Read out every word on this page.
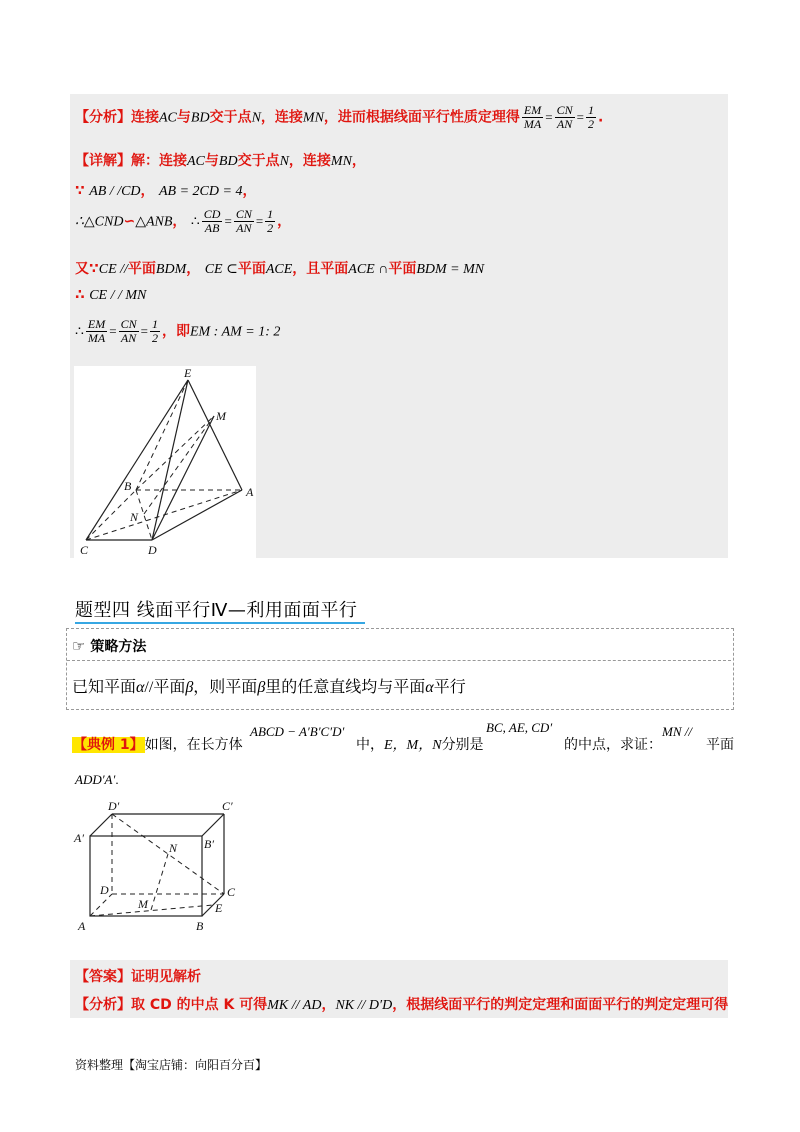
【分析】连接AC与BD交于点N，连接MN，进而根据线面平行性质定理得 $\frac{EM}{MA} = \frac{CN}{AN} = \frac{1}{2}$ .
【详解】解：连接AC与BD交于点N，连接MN，
∵ AB / /CD， AB = 2CD = 4，
∴△CND∽△ANB， ∴ $\frac{CD}{AB} = \frac{CN}{AN} = \frac{1}{2}$ ，
又∵CE //平面BDM， CE ⊂平面ACE，且平面ACE ∩平面BDM = MN
∴ CE / / MN
∴ $\frac{EM}{MA} = \frac{CN}{AN} = \frac{1}{2}$ ，即EM : AM = 1: 2
E
M
B	A
N
C	D
题型四 线面平行Ⅳ—利用面面平行
☞ 策略方法
已知平面α//平面β，则平面β里的任意直线均与平面α平行
【典例 1】如图，在长方体
ABCD − A′B′C′D′
中，E，M，N分别是
BC, AE, CD′
的中点，求证：
MN //
平面
ADD′A′.
D′	C′
A′	B′
N
D	C
M	E
A	B
【答案】证明见解析
【分析】取 CD 的中点 K 可得MK // AD，NK // D′D，根据线面平行的判定定理和面面平行的判定定理可得
资料整理【淘宝店铺：向阳百分百】
